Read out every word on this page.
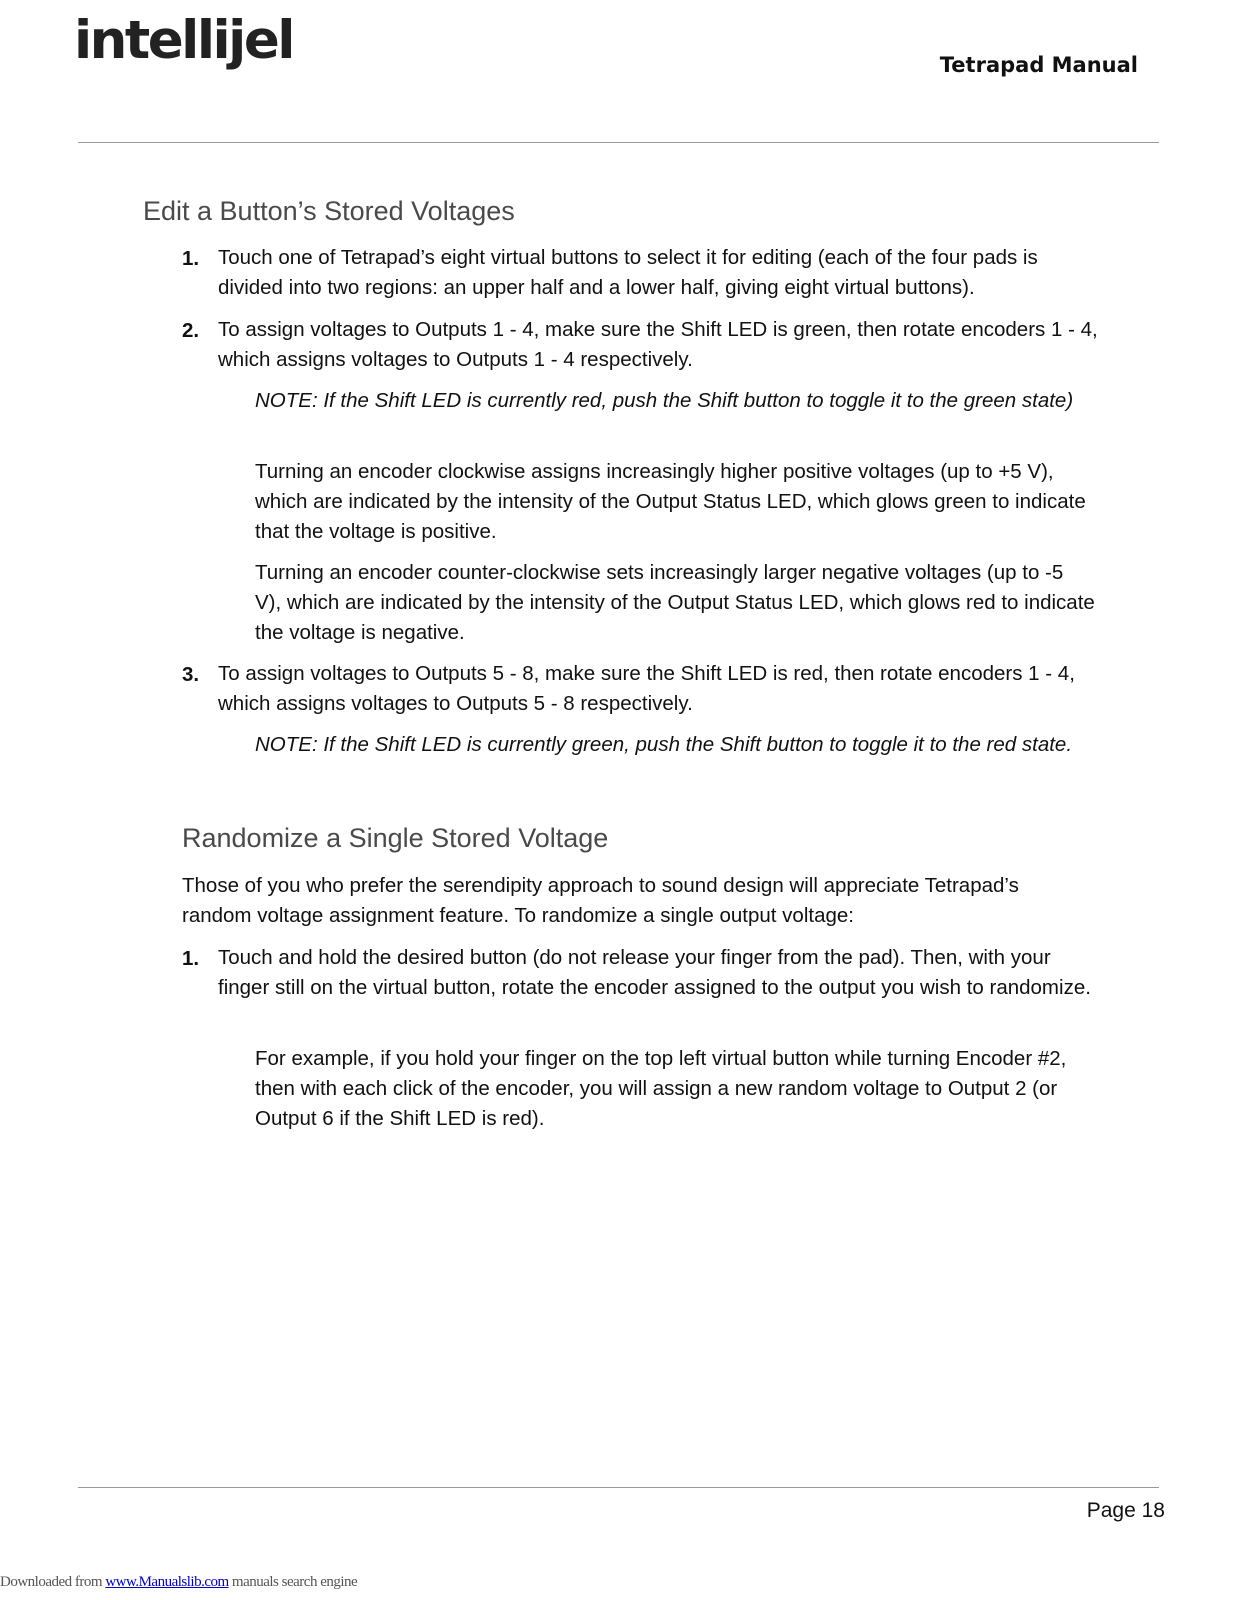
intellijel	Tetrapad Manual
Edit a Button’s Stored Voltages
1. Touch one of Tetrapad’s eight virtual buttons to select it for editing (each of the four pads is divided into two regions: an upper half and a lower half, giving eight virtual buttons).

2. To assign voltages to Outputs 1 - 4, make sure the Shift LED is green, then rotate encoders 1 - 4, which assigns voltages to Outputs 1 - 4 respectively.

NOTE: If the Shift LED is currently red, push the Shift button to toggle it to the green state)

Turning an encoder clockwise assigns increasingly higher positive voltages (up to +5 V), which are indicated by the intensity of the Output Status LED, which glows green to indicate that the voltage is positive.

Turning an encoder counter-clockwise sets increasingly larger negative voltages (up to -5 V), which are indicated by the intensity of the Output Status LED, which glows red to indicate the voltage is negative.

3. To assign voltages to Outputs 5 - 8, make sure the Shift LED is red, then rotate encoders 1 - 4, which assigns voltages to Outputs 5 - 8 respectively.

NOTE: If the Shift LED is currently green, push the Shift button to toggle it to the red state.

Randomize a Single Stored Voltage

Those of you who prefer the serendipity approach to sound design will appreciate Tetrapad’s random voltage assignment feature. To randomize a single output voltage:

1. Touch and hold the desired button (do not release your finger from the pad). Then, with your finger still on the virtual button, rotate the encoder assigned to the output you wish to randomize.

For example, if you hold your finger on the top left virtual button while turning Encoder #2, then with each click of the encoder, you will assign a new random voltage to Output 2 (or Output 6 if the Shift LED is red).

Page 18
Downloaded from www.Manualslib.com manuals search engine
